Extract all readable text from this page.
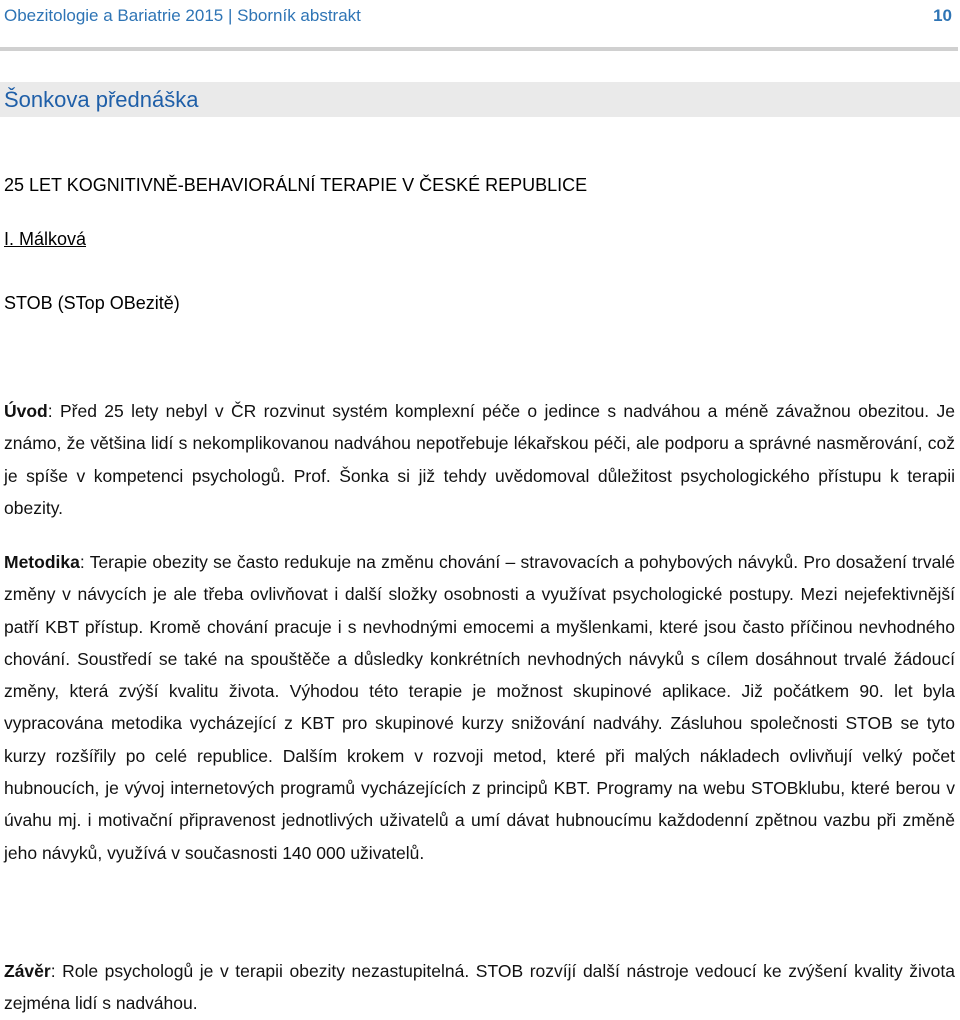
Obezitologie a Bariatrie 2015 | Sborník abstrakt	10
Šonkova přednáška
25 LET KOGNITIVNĚ-BEHAVIORÁLNÍ TERAPIE V ČESKÉ REPUBLICE
I. Málková
STOB (STop OBezitě)
Úvod: Před 25 lety nebyl v ČR rozvinut systém komplexní péče o jedince s nadváhou a méně závažnou obezitou. Je známo, že většina lidí s nekomplikovanou nadváhou nepotřebuje lékařskou péči, ale podporu a správné nasměrování, což je spíše v kompetenci psychologů. Prof. Šonka si již tehdy uvědomoval důležitost psychologického přístupu k terapii obezity.
Metodika: Terapie obezity se často redukuje na změnu chování – stravovacích a pohybových návyků. Pro dosažení trvalé změny v návycích je ale třeba ovlivňovat i další složky osobnosti a využívat psychologické postupy. Mezi nejefektivnější patří KBT přístup. Kromě chování pracuje i s nevhodnými emocemi a myšlenkami, které jsou často příčinou nevhodného chování. Soustředí se také na spouštěče a důsledky konkrétních nevhodných návyků s cílem dosáhnout trvalé žádoucí změny, která zvýší kvalitu života. Výhodou této terapie je možnost skupinové aplikace. Již počátkem 90. let byla vypracována metodika vycházející z KBT pro skupinové kurzy snižování nadváhy. Zásluhou společnosti STOB se tyto kurzy rozšířily po celé republice. Dalším krokem v rozvoji metod, které při malých nákladech ovlivňují velký počet hubnoucích, je vývoj internetových programů vycházejících z principů KBT. Programy na webu STOBklubu, které berou v úvahu mj. i motivační připravenost jednotlivých uživatelů a umí dávat hubnoucímu každodenní zpětnou vazbu při změně jeho návyků, využívá v současnosti 140 000 uživatelů.
Závěr: Role psychologů je v terapii obezity nezastupitelná. STOB rozvíjí další nástroje vedoucí ke zvýšení kvality života zejména lidí s nadváhou.
